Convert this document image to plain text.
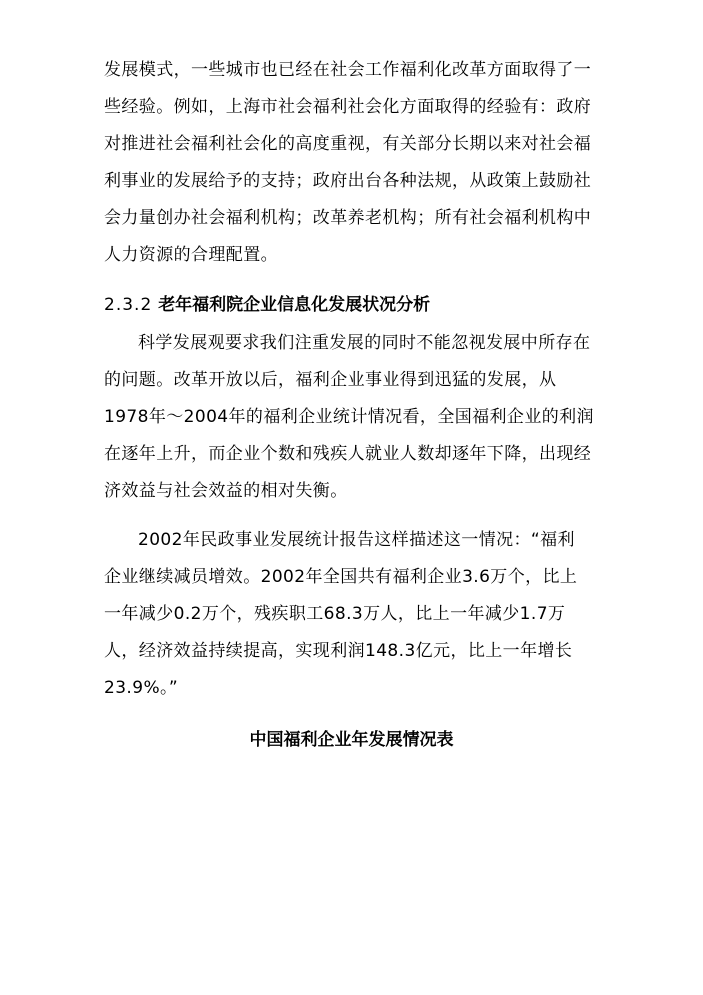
发展模式，一些城市也已经在社会工作福利化改革方面取得了一
些经验。例如，上海市社会福利社会化方面取得的经验有：政府
对推进社会福利社会化的高度重视，有关部分长期以来对社会福
利事业的发展给予的支持；政府出台各种法规，从政策上鼓励社
会力量创办社会福利机构；改革养老机构；所有社会福利机构中
人力资源的合理配置。
2.3.2 老年福利院企业信息化发展状况分析
科学发展观要求我们注重发展的同时不能忽视发展中所存在
的问题。改革开放以后，福利企业事业得到迅猛的发展，从
1978年～2004年的福利企业统计情况看，全国福利企业的利润
在逐年上升，而企业个数和残疾人就业人数却逐年下降，出现经
济效益与社会效益的相对失衡。
2002年民政事业发展统计报告这样描述这一情况：“福利
企业继续减员增效。2002年全国共有福利企业3.6万个，比上
一年减少0.2万个，残疾职工68.3万人，比上一年减少1.7万
人，经济效益持续提高，实现利润148.3亿元，比上一年增长
23.9%。”
中国福利企业年发展情况表
